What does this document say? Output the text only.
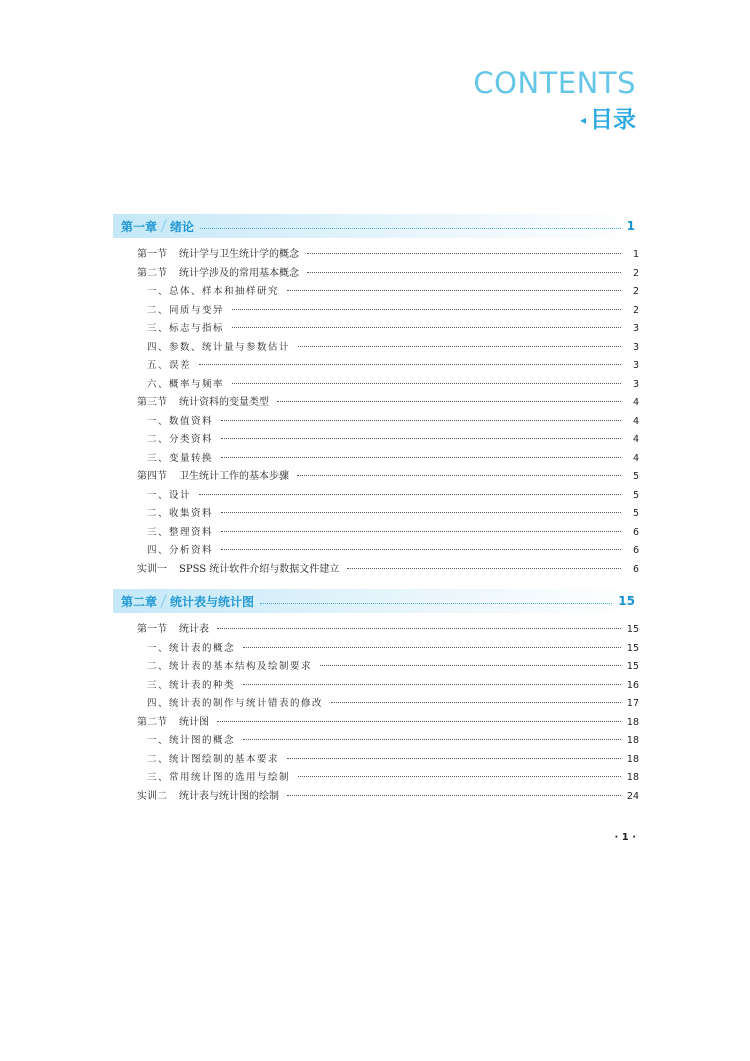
CONTENTS
◂ 目录
第一章 绪论	1
第一节 统计学与卫生统计学的概念	1
第二节 统计学涉及的常用基本概念	2
一、总体、样本和抽样研究	2
二、同质与变异	2
三、标志与指标	3
四、参数、统计量与参数估计	3
五、误差	3
六、概率与频率	3
第三节 统计资料的变量类型	4
一、数值资料	4
二、分类资料	4
三、变量转换	4
第四节 卫生统计工作的基本步骤	5
一、设计	5
二、收集资料	5
三、整理资料	6
四、分析资料	6
实训一 SPSS 统计软件介绍与数据文件建立	6
第二章 统计表与统计图	15
第一节 统计表	15
一、统计表的概念	15
二、统计表的基本结构及绘制要求	15
三、统计表的种类	16
四、统计表的制作与统计错表的修改	17
第二节 统计图	18
一、统计图的概念	18
二、统计图绘制的基本要求	18
三、常用统计图的选用与绘制	18
实训二 统计表与统计图的绘制	24
· 1 ·
